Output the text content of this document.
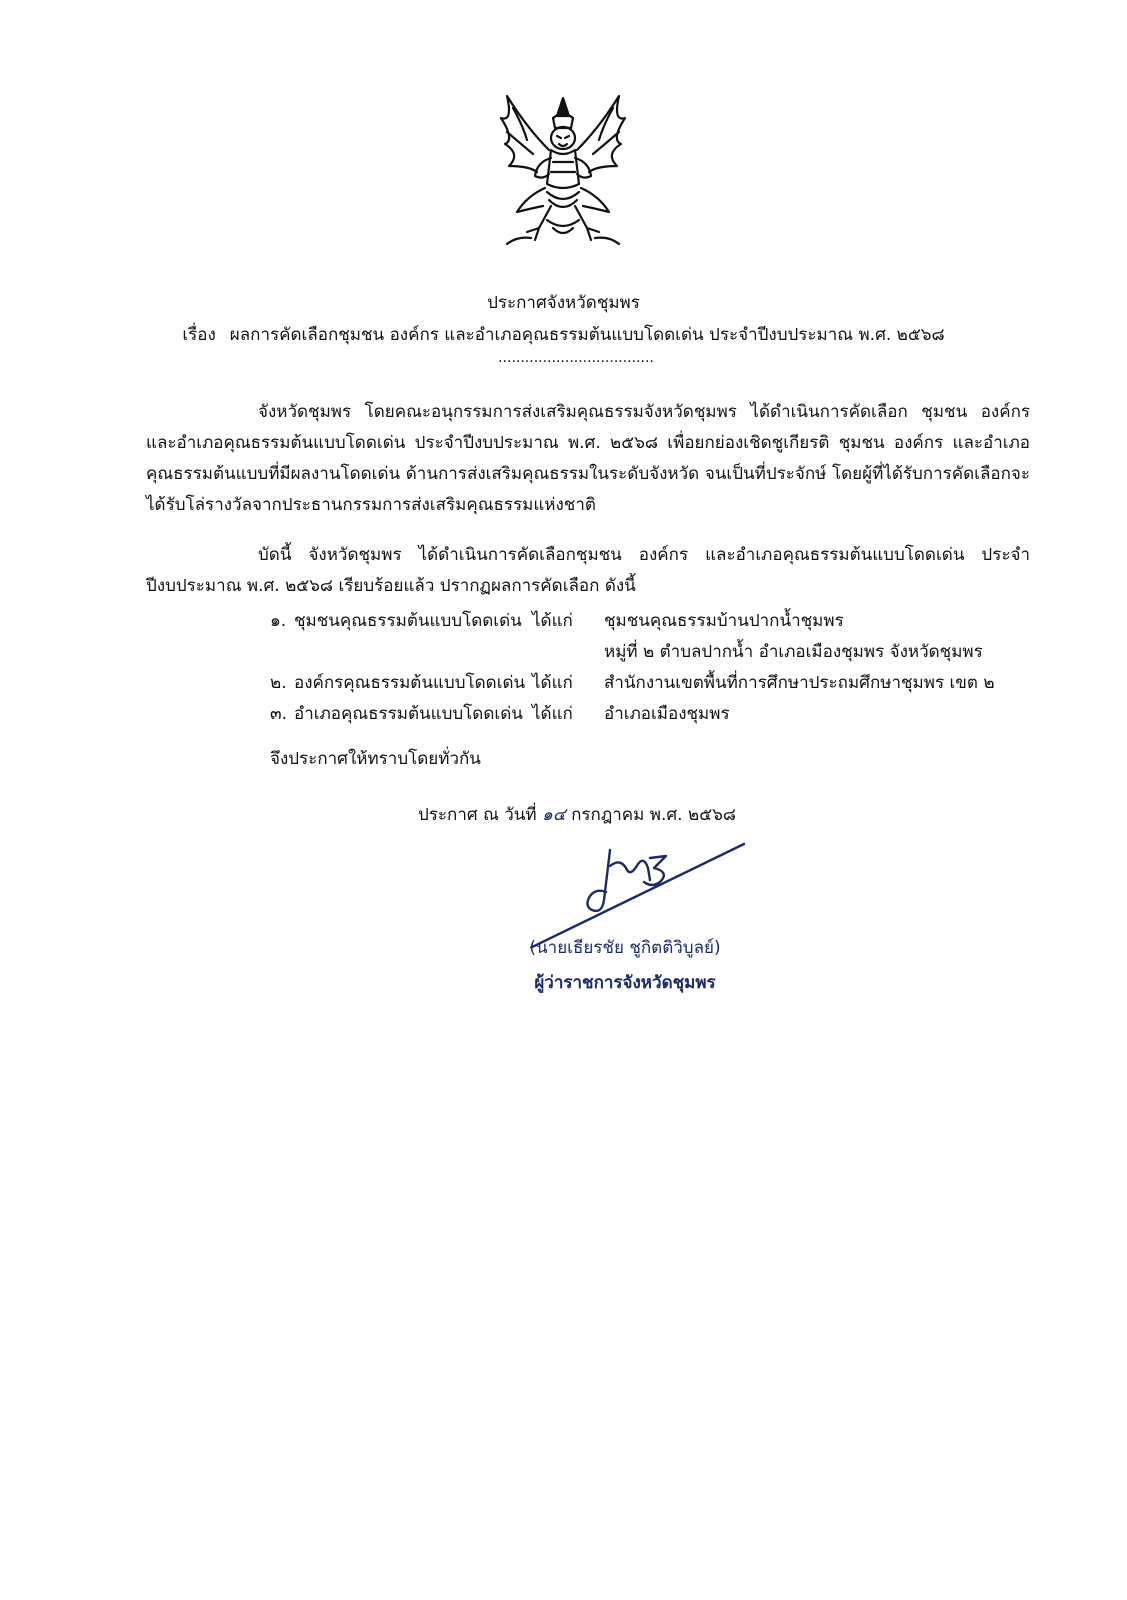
ประกาศจังหวัดชุมพร
เรื่อง ผลการคัดเลือกชุมชน องค์กร และอำเภอคุณธรรมต้นแบบโดดเด่น ประจำปีงบประมาณ พ.ศ. ๒๕๖๘
...................................
จังหวัดชุมพร โดยคณะอนุกรรมการส่งเสริมคุณธรรมจังหวัดชุมพร ได้ดำเนินการคัดเลือก ชุมชน องค์กร และอำเภอคุณธรรมต้นแบบโดดเด่น ประจำปีงบประมาณ พ.ศ. ๒๕๖๘ เพื่อยกย่องเชิดชูเกียรติ ชุมชน องค์กร และอำเภอคุณธรรมต้นแบบที่มีผลงานโดดเด่น ด้านการส่งเสริมคุณธรรมในระดับจังหวัด จนเป็นที่ประจักษ์ โดยผู้ที่ได้รับการคัดเลือกจะได้รับโล่รางวัลจากประธานกรรมการส่งเสริมคุณธรรมแห่งชาติ
บัดนี้ จังหวัดชุมพร ได้ดำเนินการคัดเลือกชุมชน องค์กร และอำเภอคุณธรรมต้นแบบโดดเด่น ประจำปีงบประมาณ พ.ศ. ๒๕๖๘ เรียบร้อยแล้ว ปรากฏผลการคัดเลือก ดังนี้
๑. ชุมชนคุณธรรมต้นแบบโดดเด่น ได้แก่	ชุมชนคุณธรรมบ้านปากน้ำชุมพร
หมู่ที่ ๒ ตำบลปากน้ำ อำเภอเมืองชุมพร จังหวัดชุมพร
๒. องค์กรคุณธรรมต้นแบบโดดเด่น ได้แก่	สำนักงานเขตพื้นที่การศึกษาประถมศึกษาชุมพร เขต ๒
๓. อำเภอคุณธรรมต้นแบบโดดเด่น ได้แก่	อำเภอเมืองชุมพร
จึงประกาศให้ทราบโดยทั่วกัน
ประกาศ ณ วันที่ ๑๔ กรกฎาคม พ.ศ. ๒๕๖๘
(นายเธียรชัย ชูกิตติวิบูลย์)
ผู้ว่าราชการจังหวัดชุมพร
